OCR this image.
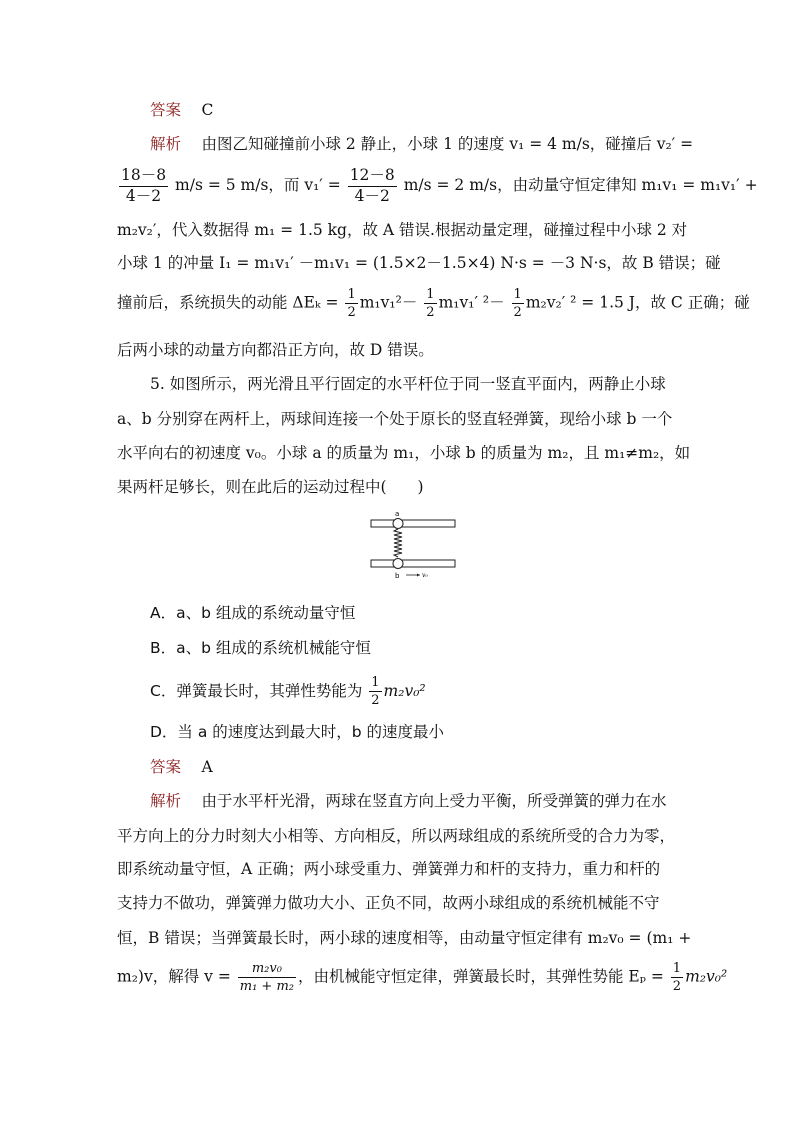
答案　 C
解析　 由图乙知碰撞前小球 2 静止，小球 1 的速度 v₁ = 4 m/s，碰撞后 v₂′ =
$\frac{18-8}{4-2} m/s = 5$ m/s，而 $v_1' = \frac{12-8}{4-2} m/s = 2$ m/s，由动量守恒定律知 m₁v₁ = m₁v₁′ +
m₂v₂′，代入数据得 m₁ = 1.5 kg，故 A 错误.根据动量定理，碰撞过程中小球 2 对
小球 1 的冲量 I₁ = m₁v₁′ －m₁v₁ = (1.5×2－1.5×4) N·s = －3 N·s，故 B 错误；碰
撞前后，系统损失的动能 $\Delta E_k = \frac{1}{2} m_1v_1^2- \frac{1}{2} m_1v_1'$ $^2- \frac{1}{2} m_2v_2'$ ² = 1.5 J，故 C 正确；碰
后两小球的动量方向都沿正方向，故 D 错误。
5. 如图所示，两光滑且平行固定的水平杆位于同一竖直平面内，两静止小球
a、b 分别穿在两杆上，两球间连接一个处于原长的竖直轻弹簧，现给小球 b 一个
水平向右的初速度 v₀。小球 a 的质量为 m₁，小球 b 的质量为 m₂，且 m₁≠m₂，如
果两杆足够长，则在此后的运动过程中(　　)
a
b	v₀
A．a、b 组成的系统动量守恒
B．a、b 组成的系统机械能守恒
C．弹簧最长时，其弹性势能为 $\frac{1}{2} m_2v_0^2$
D．当 a 的速度达到最大时，b 的速度最小
答案　 A
解析　 由于水平杆光滑，两球在竖直方向上受力平衡，所受弹簧的弹力在水
平方向上的分力时刻大小相等、方向相反，所以两球组成的系统所受的合力为零，
即系统动量守恒，A 正确；两小球受重力、弹簧弹力和杆的支持力，重力和杆的
支持力不做功，弹簧弹力做功大小、正负不同，故两小球组成的系统机械能不守
恒，B 错误；当弹簧最长时，两小球的速度相等，由动量守恒定律有 m₂v₀ = (m₁ +
m₂)v，解得 $v = \frac{\text{m₂v₀}}{\text{m₁ + m₂}}$ ，由机械能守恒定律，弹簧最长时，其弹性势能 $E_p = \frac{1}{2} m_2v_0^2$
